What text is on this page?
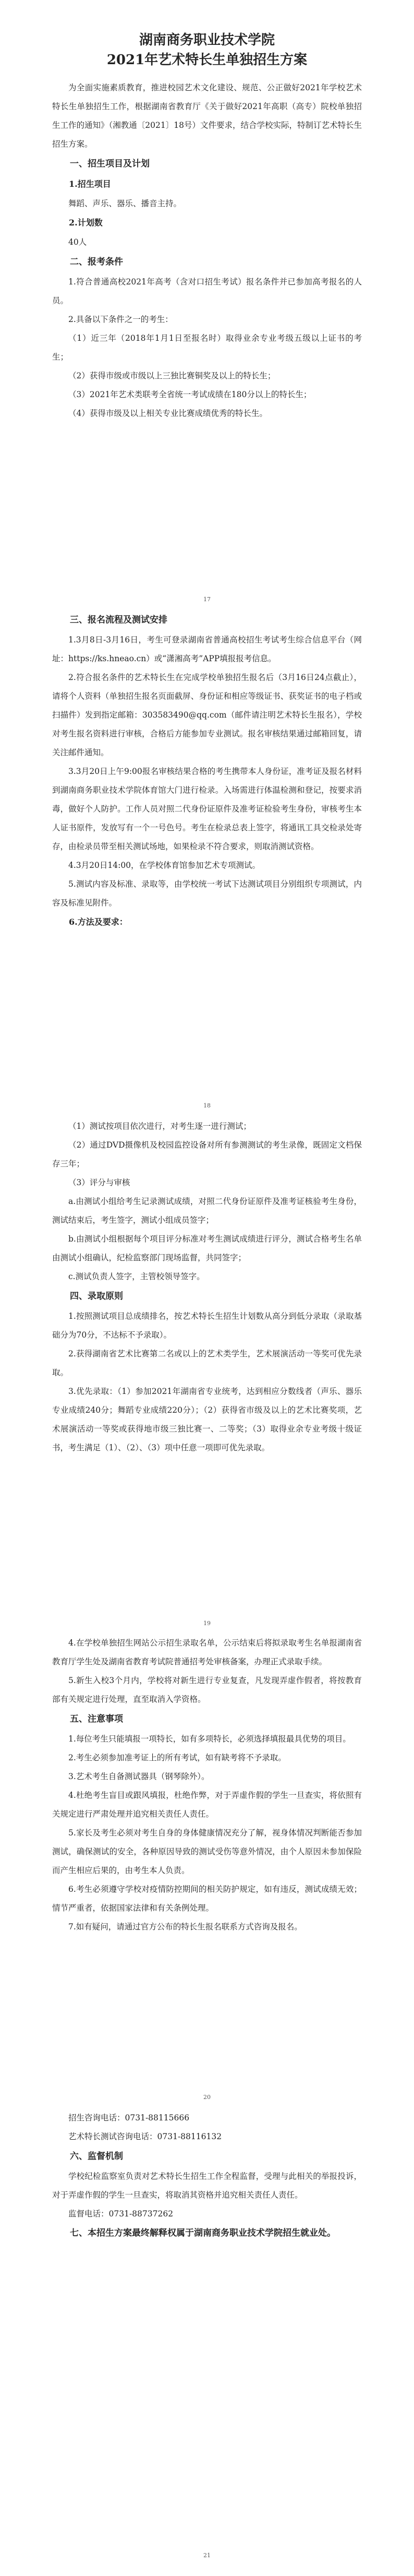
湖南商务职业技术学院
2021年艺术特长生单独招生方案

为全面实施素质教育，推进校园艺术文化建设、规范、公正做好2021年学校艺术特长生单独招生工作，根据湖南省教育厅《关于做好2021年高职（高专）院校单独招生工作的通知》（湘教通〔2021〕18号）文件要求，结合学校实际，特制订艺术特长生招生方案。

一、招生项目及计划

1.招生项目

舞蹈、声乐、器乐、播音主持。

2.计划数

40人

二、报考条件

1.符合普通高校2021年高考（含对口招生考试）报名条件并已参加高考报名的人员。

2.具备以下条件之一的考生：

（1）近三年（2018年1月1日至报名时）取得业余专业考级五级以上证书的考生；

（2）获得市级或市级以上三独比赛铜奖及以上的特长生；

（3）2021年艺术类联考全省统一考试成绩在180分以上的特长生；

（4）获得市级及以上相关专业比赛成绩优秀的特长生。

17

三、报名流程及测试安排

1.3月8日-3月16日，考生可登录湖南省普通高校招生考试考生综合信息平台（网址：https://ks.hneao.cn）或“潇湘高考”APP填报报考信息。

2.符合报名条件的艺术特长生在完成学校单独招生报名后（3月16日24点截止），请将个人资料（单独招生报名页面截屏、身份证和相应等级证书、获奖证书的电子档或扫描件）发到指定邮箱：303583490@qq.com（邮件请注明艺术特长生报名），学校对考生报名资料进行审核，合格后方能参加专业测试。报名审核结果通过邮箱回复，请关注邮件通知。

3.3月20日上午9:00报名审核结果合格的考生携带本人身份证，准考证及报名材料到湖南商务职业技术学院体育馆大门进行检录。入场需进行体温检测和登记，按要求消毒，做好个人防护。工作人员对照二代身份证原件及准考证检验考生身份，审核考生本人证书原件，发放写有一个一号色号。考生在检录总表上签字，将通讯工具交检录处寄存，由检录员带至相关测试场地，如果检录不符合要求，则取消测试资格。

4.3月20日14:00，在学校体育馆参加艺术专项测试。

5.测试内容及标准、录取等，由学校统一考试下达测试项目分别组织专项测试，内容及标准见附件。

6.方法及要求：

18

（1）测试按项目依次进行，对考生逐一进行测试；

（2）通过DVD摄像机及校园监控设备对所有参测测试的考生录像，既固定文档保存三年；

（3）评分与审核

a.由测试小组给考生记录测试成绩，对照二代身份证原件及准考证核验考生身份，测试结束后，考生签字，测试小组成员签字；

b.由测试小组根据每个项目评分标准对考生测试成绩进行评分，测试合格考生名单由测试小组确认，纪检监察部门现场监督，共同签字；

c.测试负责人签字，主管校领导签字。

四、录取原则

1.按照测试项目总成绩排名，按艺术特长生招生计划数从高分到低分录取（录取基础分为70分，不达标不予录取）。

2.获得湖南省艺术比赛第二名或以上的艺术类学生，艺术展演活动一等奖可优先录取。

3.优先录取：（1）参加2021年湖南省专业统考，达到相应分数线者（声乐、器乐专业成绩240分；舞蹈专业成绩220分）；（2）获得省市级及以上的艺术比赛奖项，艺术展演活动一等奖或获得地市级三独比赛一、二等奖；（3）取得业余专业考级十级证书，考生满足（1）、（2）、（3）项中任意一项即可优先录取。

19

4.在学校单独招生网站公示招生录取名单，公示结束后将拟录取考生名单报湖南省教育厅学生处及湖南省教育考试院普通招考处审核备案，办理正式录取手续。

5.新生入校3个月内，学校将对新生进行专业复查，凡发现弄虚作假者，将按教育部有关规定进行处理，直至取消入学资格。

五、注意事项

1.每位考生只能填报一项特长，如有多项特长，必须选择填报最具优势的项目。

2.考生必须参加准考证上的所有考试，如有缺考将不予录取。

3.艺术考生自备测试器具（钢琴除外）。

4.杜绝考生盲目或跟风填报，杜绝作弊，对于弄虚作假的学生一旦查实，将依照有关规定进行严肃处理并追究相关责任人责任。

5.家长及考生必须对考生自身的身体健康情况充分了解，视身体情况判断能否参加测试，确保测试的安全，各种原因导致的测试受伤等意外情况，由个人原因未参加保险而产生相应后果的，由考生本人负责。

6.考生必须遵守学校对疫情防控期间的相关防护规定，如有违反，测试成绩无效；情节严重者，依据国家法律和有关条例处理。

7.如有疑问，请通过官方公布的特长生报名联系方式咨询及报名。

20

招生咨询电话：0731-88115666

艺术特长测试咨询电话：0731-88116132

六、监督机制

学校纪检监察室负责对艺术特长生招生工作全程监督，受理与此相关的举报投诉，对于弄虚作假的学生一旦查实，将取消其资格并追究相关责任人责任。

监督电话：0731-88737262

七、本招生方案最终解释权属于湖南商务职业技术学院招生就业处。

21
